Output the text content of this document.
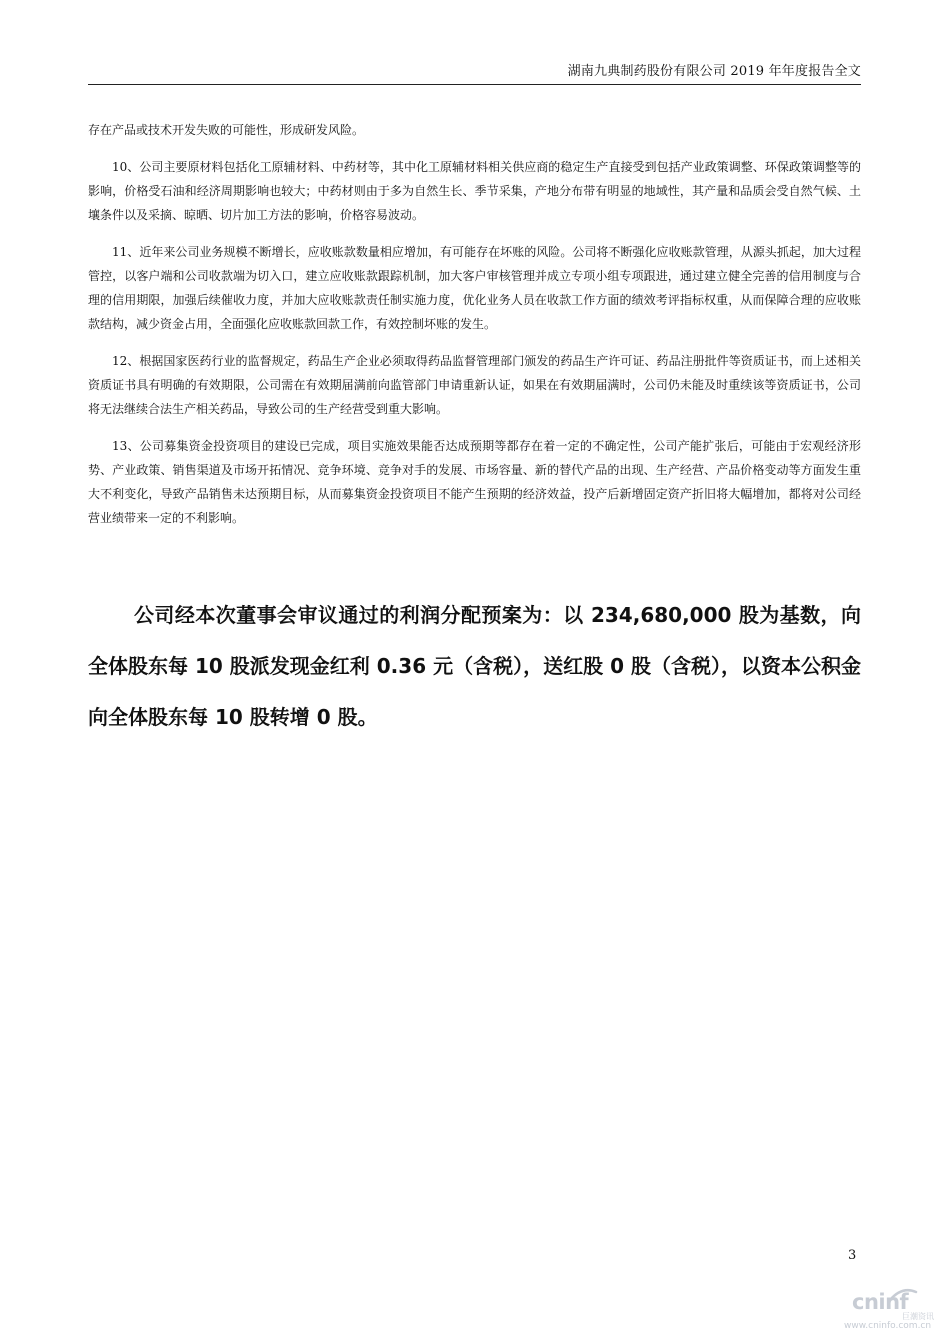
湖南九典制药股份有限公司 2019 年年度报告全文

存在产品或技术开发失败的可能性，形成研发风险。

10、公司主要原材料包括化工原辅材料、中药材等，其中化工原辅材料相关供应商的稳定生产直接受到包括产业政策调整、环保政策调整等的影响，价格受石油和经济周期影响也较大；中药材则由于多为自然生长、季节采集，产地分布带有明显的地域性，其产量和品质会受自然气候、土壤条件以及采摘、晾晒、切片加工方法的影响，价格容易波动。

11、近年来公司业务规模不断增长，应收账款数量相应增加，有可能存在坏账的风险。公司将不断强化应收账款管理，从源头抓起，加大过程管控，以客户端和公司收款端为切入口，建立应收账款跟踪机制，加大客户审核管理并成立专项小组专项跟进，通过建立健全完善的信用制度与合理的信用期限，加强后续催收力度，并加大应收账款责任制实施力度，优化业务人员在收款工作方面的绩效考评指标权重，从而保障合理的应收账款结构，减少资金占用，全面强化应收账款回款工作，有效控制坏账的发生。

12、根据国家医药行业的监督规定，药品生产企业必须取得药品监督管理部门颁发的药品生产许可证、药品注册批件等资质证书，而上述相关资质证书具有明确的有效期限，公司需在有效期届满前向监管部门申请重新认证，如果在有效期届满时，公司仍未能及时重续该等资质证书，公司将无法继续合法生产相关药品，导致公司的生产经营受到重大影响。

13、公司募集资金投资项目的建设已完成，项目实施效果能否达成预期等都存在着一定的不确定性，公司产能扩张后，可能由于宏观经济形势、产业政策、销售渠道及市场开拓情况、竞争环境、竞争对手的发展、市场容量、新的替代产品的出现、生产经营、产品价格变动等方面发生重大不利变化，导致产品销售未达预期目标，从而募集资金投资项目不能产生预期的经济效益，投产后新增固定资产折旧将大幅增加，都将对公司经营业绩带来一定的不利影响。

公司经本次董事会审议通过的利润分配预案为：以 234,680,000 股为基数，向全体股东每 10 股派发现金红利 0.36 元（含税），送红股 0 股（含税），以资本公积金向全体股东每 10 股转增 0 股。

3
cninf
巨潮资讯
www.cninfo.com.cn
